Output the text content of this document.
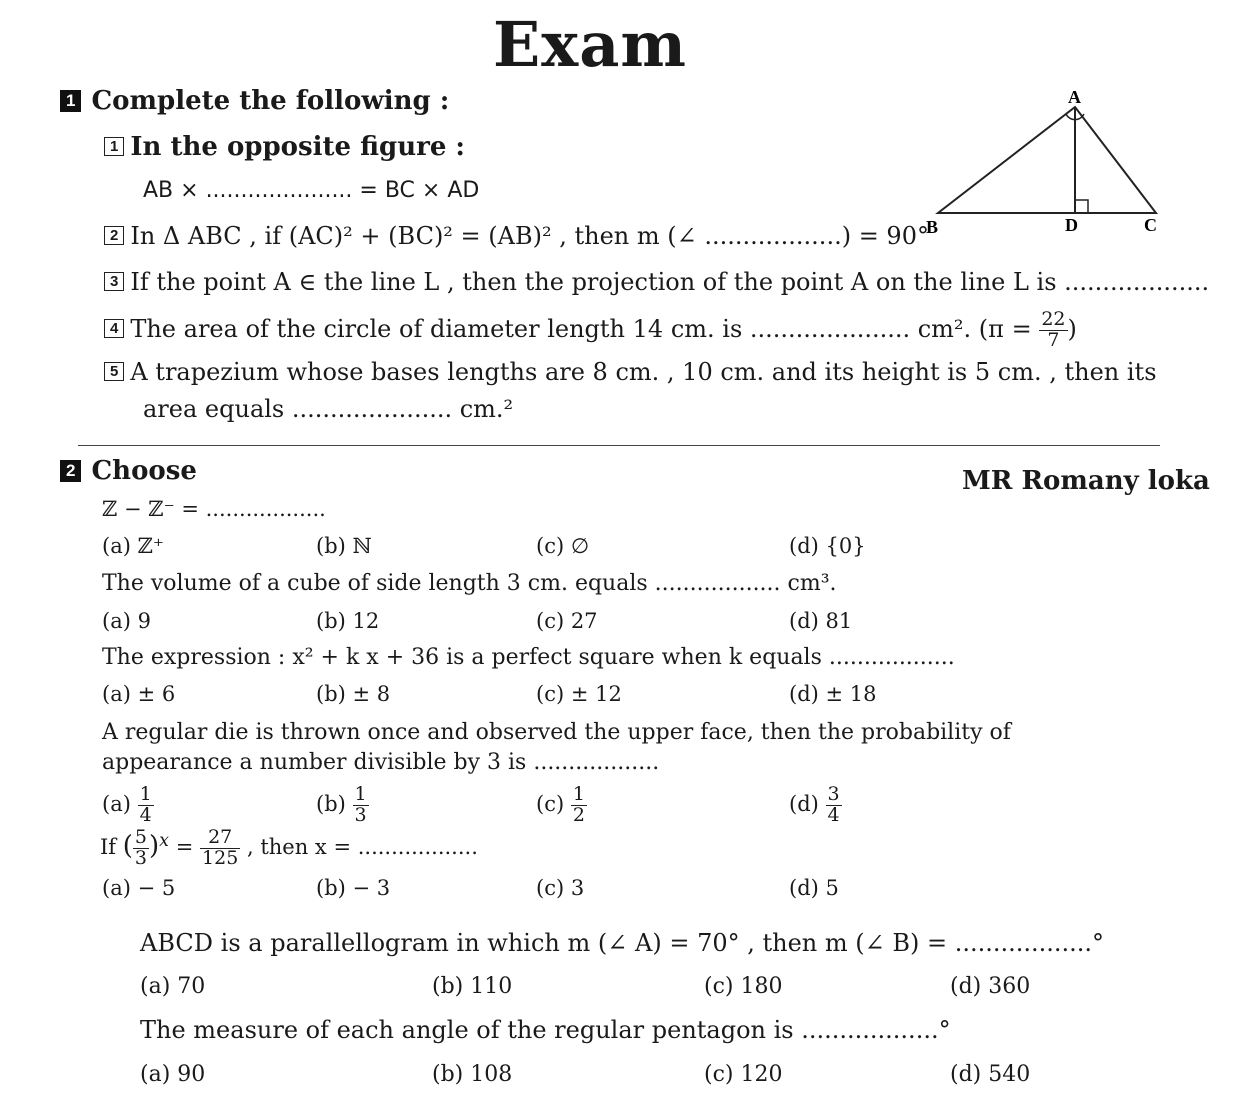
Exam
1 Complete the following :
1 In the opposite figure :
AB × ..................... = BC × AD
2 In Δ ABC , if (AC)² + (BC)² = (AB)² , then m (∠ ..................) = 90°
3 If the point A ∈ the line L , then the projection of the point A on the line L is ...................
4 The area of the circle of diameter length 14 cm. is ..................... cm². ($\pi = \frac{22}{7}$ )
5 A trapezium whose bases lengths are 8 cm. , 10 cm. and its height is 5 cm. , then its
area equals ..................... cm.²
A
B	D	C
2 Choose	MR Romany loka
ℤ − ℤ⁻ = ..................
(a) ℤ⁺	(b) ℕ	(c) ∅	(d) {0}
The volume of a cube of side length 3 cm. equals .................. cm³.
(a) 9	(b) 12	(c) 27	(d) 81
The expression : x² + k x + 36 is a perfect square when k equals ..................
(a) ± 6	(b) ± 8	(c) ± 12	(d) ± 18
A regular die is thrown once and observed the upper face, then the probability of
appearance a number divisible by 3 is ..................
$(a) \frac{1}{4}$	$(b) \frac{1}{3}$	$(c) \frac{1}{2}$	$(d) \frac{3}{4}$
If ( $\frac{5}{3} )^x = \frac{27}{125}$ , then x = ..................
(a) − 5	(b) − 3	(c) 3	(d) 5
ABCD is a parallellogram in which m (∠ A) = 70° , then m (∠ B) = ..................°
(a) 70	(b) 110	(c) 180	(d) 360
The measure of each angle of the regular pentagon is ..................°
(a) 90	(b) 108	(c) 120	(d) 540
